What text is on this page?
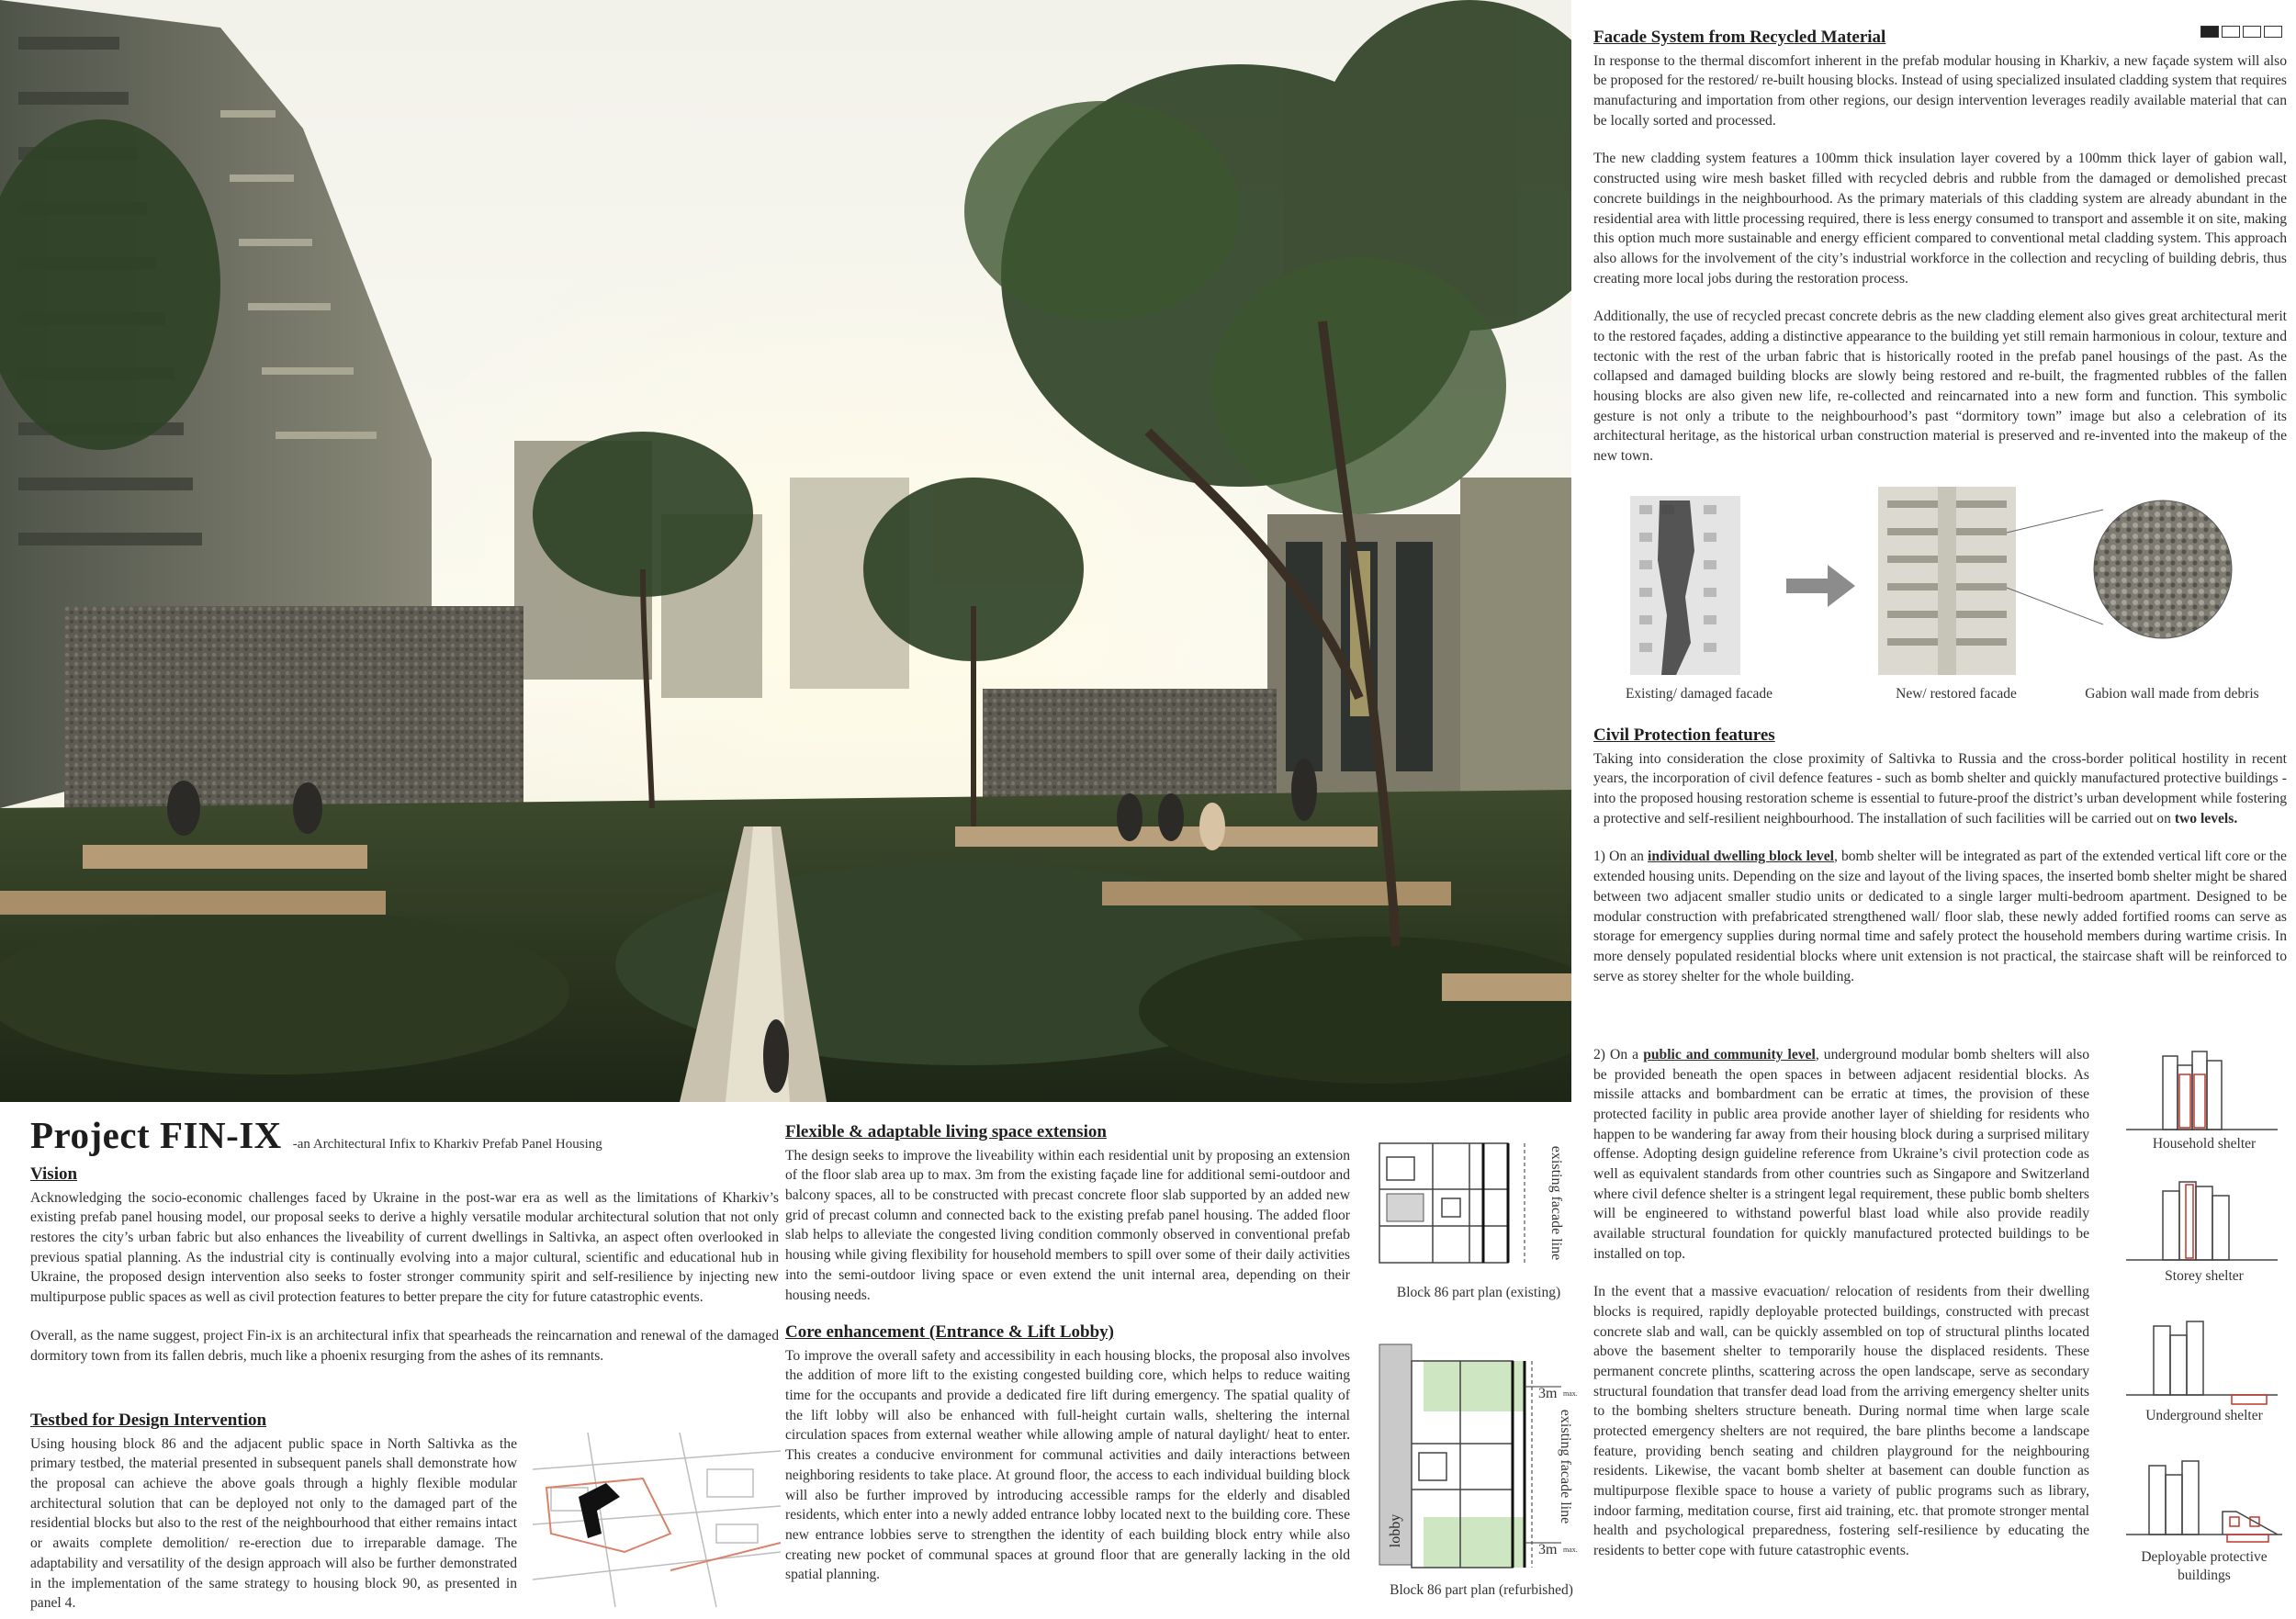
Project FIN-IX -an Architectural Infix to Kharkiv Prefab Panel Housing
Vision
Acknowledging the socio-economic challenges faced by Ukraine in the post-war era as well as the limitations of Kharkiv’s existing prefab panel housing model, our proposal seeks to derive a highly versatile modular architectural solution that not only restores the city’s urban fabric but also enhances the liveability of current dwellings in Saltivka, an aspect often overlooked in previous spatial planning. As the industrial city is continually evolving into a major cultural, scientific and educational hub in Ukraine, the proposed design intervention also seeks to foster stronger community spirit and self-resilience by injecting new multipurpose public spaces as well as civil protection features to better prepare the city for future catastrophic events.
Overall, as the name suggest, project Fin-ix is an architectural infix that spearheads the reincarnation and renewal of the damaged dormitory town from its fallen debris, much like a phoenix resurging from the ashes of its remnants.
Testbed for Design Intervention
Using housing block 86 and the adjacent public space in North Saltivka as the primary testbed, the material presented in subsequent panels shall demonstrate how the proposal can achieve the above goals through a highly flexible modular architectural solution that can be deployed not only to the damaged part of the residential blocks but also to the rest of the neighbourhood that either remains intact or awaits complete demolition/ re-erection due to irreparable damage. The adaptability and versatility of the design approach will also be further demonstrated in the implementation of the same strategy to housing block 90, as presented in panel 4.
Flexible & adaptable living space extension
The design seeks to improve the liveability within each residential unit by proposing an extension of the floor slab area up to max. 3m from the existing façade line for additional semi-outdoor and balcony spaces, all to be constructed with precast concrete floor slab supported by an added new grid of precast column and connected back to the existing prefab panel housing. The added floor slab helps to alleviate the congested living condition commonly observed in conventional prefab housing while giving flexibility for household members to spill over some of their daily activities into the semi-outdoor living space or even extend the unit internal area, depending on their housing needs.
Core enhancement (Entrance & Lift Lobby)
To improve the overall safety and accessibility in each housing blocks, the proposal also involves the addition of more lift to the existing congested building core, which helps to reduce waiting time for the occupants and provide a dedicated fire lift during emergency. The spatial quality of the lift lobby will also be enhanced with full-height curtain walls, sheltering the internal circulation spaces from external weather while allowing ample of natural daylight/ heat to enter. This creates a conducive environment for communal activities and daily interactions between neighboring residents to take place. At ground floor, the access to each individual building block will also be further improved by introducing accessible ramps for the elderly and disabled residents, which enter into a newly added entrance lobby located next to the building core. These new entrance lobbies serve to strengthen the identity of each building block entry while also creating new pocket of communal spaces at ground floor that are generally lacking in the old spatial planning.
existing facade line
Block 86 part plan (existing)
3m max.
3m max.
existing facade line
lobby
Block 86 part plan (refurbished)
Facade System from Recycled Material
In response to the thermal discomfort inherent in the prefab modular housing in Kharkiv, a new façade system will also be proposed for the restored/ re-built housing blocks. Instead of using specialized insulated cladding system that requires manufacturing and importation from other regions, our design intervention leverages readily available material that can be locally sorted and processed.
The new cladding system features a 100mm thick insulation layer covered by a 100mm thick layer of gabion wall, constructed using wire mesh basket filled with recycled debris and rubble from the damaged or demolished precast concrete buildings in the neighbourhood. As the primary materials of this cladding system are already abundant in the residential area with little processing required, there is less energy consumed to transport and assemble it on site, making this option much more sustainable and energy efficient compared to conventional metal cladding system. This approach also allows for the involvement of the city’s industrial workforce in the collection and recycling of building debris, thus creating more local jobs during the restoration process.
Additionally, the use of recycled precast concrete debris as the new cladding element also gives great architectural merit to the restored façades, adding a distinctive appearance to the building yet still remain harmonious in colour, texture and tectonic with the rest of the urban fabric that is historically rooted in the prefab panel housings of the past. As the collapsed and damaged building blocks are slowly being restored and re-built, the fragmented rubbles of the fallen housing blocks are also given new life, re-collected and reincarnated into a new form and function. This symbolic gesture is not only a tribute to the neighbourhood’s past “dormitory town” image but also a celebration of its architectural heritage, as the historical urban construction material is preserved and re-invented into the makeup of the new town.
Existing/ damaged facade	New/ restored facade	Gabion wall made from debris
Civil Protection features
Taking into consideration the close proximity of Saltivka to Russia and the cross-border political hostility in recent years, the incorporation of civil defence features - such as bomb shelter and quickly manufactured protective buildings - into the proposed housing restoration scheme is essential to future-proof the district’s urban development while fostering a protective and self-resilient neighbourhood. The installation of such facilities will be carried out on two levels.
1) On an individual dwelling block level, bomb shelter will be integrated as part of the extended vertical lift core or the extended housing units. Depending on the size and layout of the living spaces, the inserted bomb shelter might be shared between two adjacent smaller studio units or dedicated to a single larger multi-bedroom apartment. Designed to be modular construction with prefabricated strengthened wall/ floor slab, these newly added fortified rooms can serve as storage for emergency supplies during normal time and safely protect the household members during wartime crisis. In more densely populated residential blocks where unit extension is not practical, the staircase shaft will be reinforced to serve as storey shelter for the whole building.
2) On a public and community level, underground modular bomb shelters will also be provided beneath the open spaces in between adjacent residential blocks. As missile attacks and bombardment can be erratic at times, the provision of these protected facility in public area provide another layer of shielding for residents who happen to be wandering far away from their housing block during a surprised military offense. Adopting design guideline reference from Ukraine’s civil protection code as well as equivalent standards from other countries such as Singapore and Switzerland where civil defence shelter is a stringent legal requirement, these public bomb shelters will be engineered to withstand powerful blast load while also provide readily available structural foundation for quickly manufactured protected buildings to be installed on top.
In the event that a massive evacuation/ relocation of residents from their dwelling blocks is required, rapidly deployable protected buildings, constructed with precast concrete slab and wall, can be quickly assembled on top of structural plinths located above the basement shelter to temporarily house the displaced residents. These permanent concrete plinths, scattering across the open landscape, serve as secondary structural foundation that transfer dead load from the arriving emergency shelter units to the bombing shelters structure beneath. During normal time when large scale protected emergency shelters are not required, the bare plinths become a landscape feature, providing bench seating and children playground for the neighbouring residents. Likewise, the vacant bomb shelter at basement can double function as multipurpose flexible space to house a variety of public programs such as library, indoor farming, meditation course, first aid training, etc. that promote stronger mental health and psychological preparedness, fostering self-resilience by educating the residents to better cope with future catastrophic events.
Household shelter
Storey shelter
Underground shelter
Deployable protective buildings
